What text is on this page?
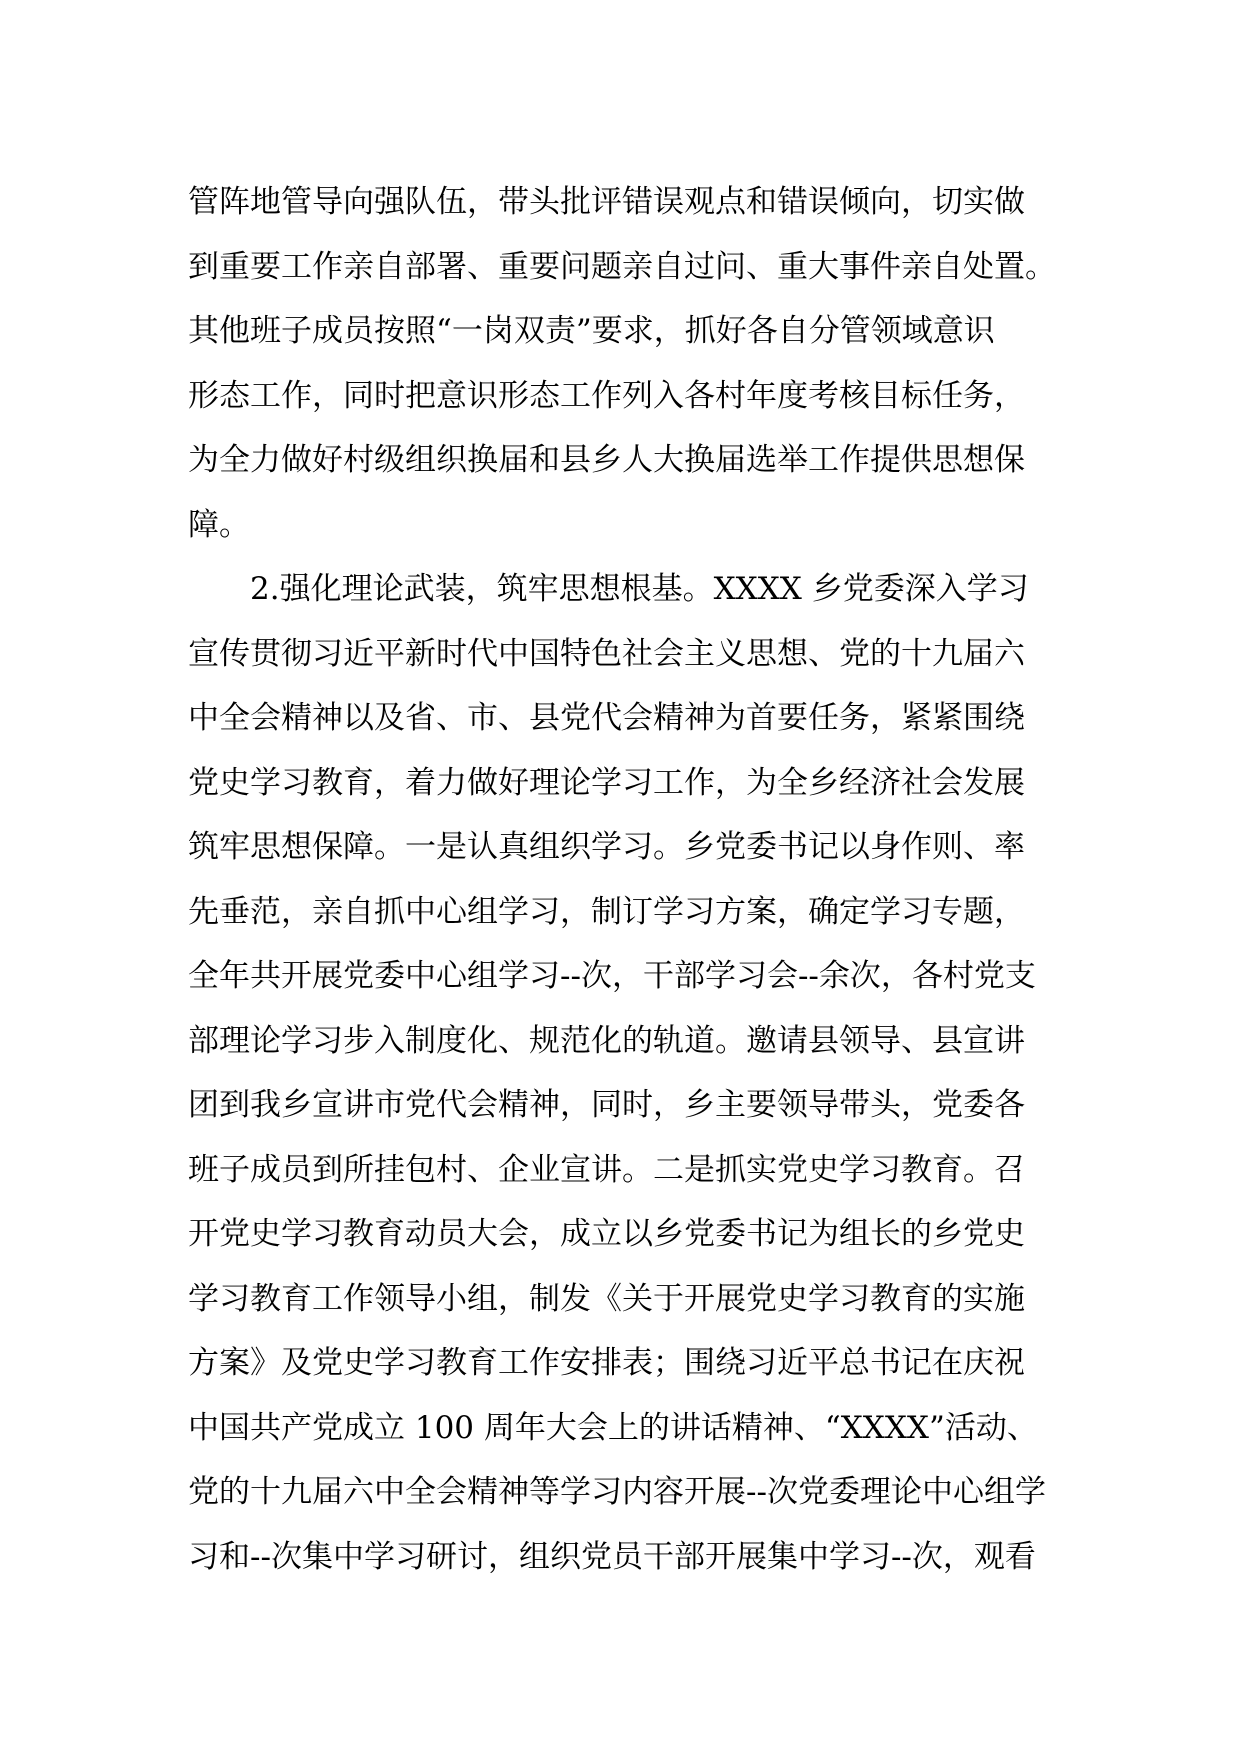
管阵地管导向强队伍，带头批评错误观点和错误倾向，切实做
到重要工作亲自部署、重要问题亲自过问、重大事件亲自处置。
其他班子成员按照“一岗双责”要求，抓好各自分管领域意识
形态工作，同时把意识形态工作列入各村年度考核目标任务，
为全力做好村级组织换届和县乡人大换届选举工作提供思想保
障。
2.强化理论武装，筑牢思想根基。XXXX 乡党委深入学习
宣传贯彻习近平新时代中国特色社会主义思想、党的十九届六
中全会精神以及省、市、县党代会精神为首要任务，紧紧围绕
党史学习教育，着力做好理论学习工作，为全乡经济社会发展
筑牢思想保障。一是认真组织学习。乡党委书记以身作则、率
先垂范，亲自抓中心组学习，制订学习方案，确定学习专题，
全年共开展党委中心组学习--次，干部学习会--余次，各村党支
部理论学习步入制度化、规范化的轨道。邀请县领导、县宣讲
团到我乡宣讲市党代会精神，同时，乡主要领导带头，党委各
班子成员到所挂包村、企业宣讲。二是抓实党史学习教育。召
开党史学习教育动员大会，成立以乡党委书记为组长的乡党史
学习教育工作领导小组，制发《关于开展党史学习教育的实施
方案》及党史学习教育工作安排表；围绕习近平总书记在庆祝
中国共产党成立 100 周年大会上的讲话精神、“XXXX”活动、
党的十九届六中全会精神等学习内容开展--次党委理论中心组学
习和--次集中学习研讨，组织党员干部开展集中学习--次，观看
